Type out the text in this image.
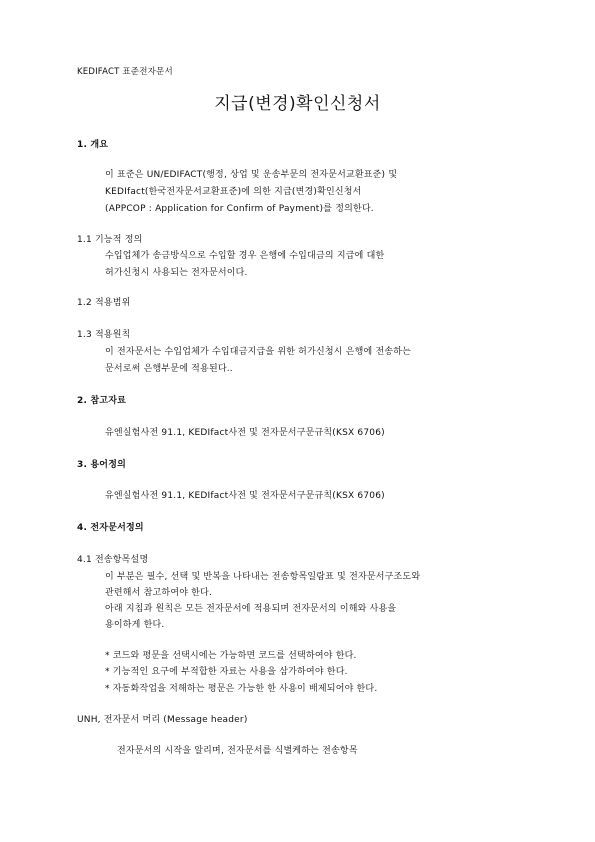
KEDIFACT 표준전자문서
지급(변경)확인신청서
1. 개요
이 표준은 UN/EDIFACT(행정, 상업 및 운송부문의 전자문서교환표준) 및
KEDIfact(한국전자문서교환표준)에 의한 지급(변경)확인신청서
(APPCOP : Application for Confirm of Payment)를 정의한다.
1.1 기능적 정의
수입업체가 송금방식으로 수입할 경우 은행에 수입대금의 지급에 대한
허가신청시 사용되는 전자문서이다.
1.2 적용범위
1.3 적용원칙
이 전자문서는 수입업체가 수입대금지급을 위한 허가신청시 은행에 전송하는
문서로써 은행부문에 적용된다..
2. 참고자료
유엔실험사전 91.1, KEDIfact사전 및 전자문서구문규칙(KSX 6706)
3. 용어정의
유엔실험사전 91.1, KEDIfact사전 및 전자문서구문규칙(KSX 6706)
4. 전자문서정의
4.1 전송항목설명
이 부분은 필수, 선택 및 반복을 나타내는 전송항목일람표 및 전자문서구조도와
관련해서 참고하여야 한다.
아래 지침과 원칙은 모든 전자문서에 적용되며 전자문서의 이해와 사용을
용이하게 한다.
* 코드와 평문을 선택시에는 가능하면 코드를 선택하여야 한다.
* 기능적인 요구에 부적합한 자료는 사용을 삼가하여야 한다.
* 자동화작업을 저해하는 평문은 가능한 한 사용이 배제되어야 한다.
UNH, 전자문서 머리 (Message header)
전자문서의 시작을 알리며, 전자문서를 식별케하는 전송항목
